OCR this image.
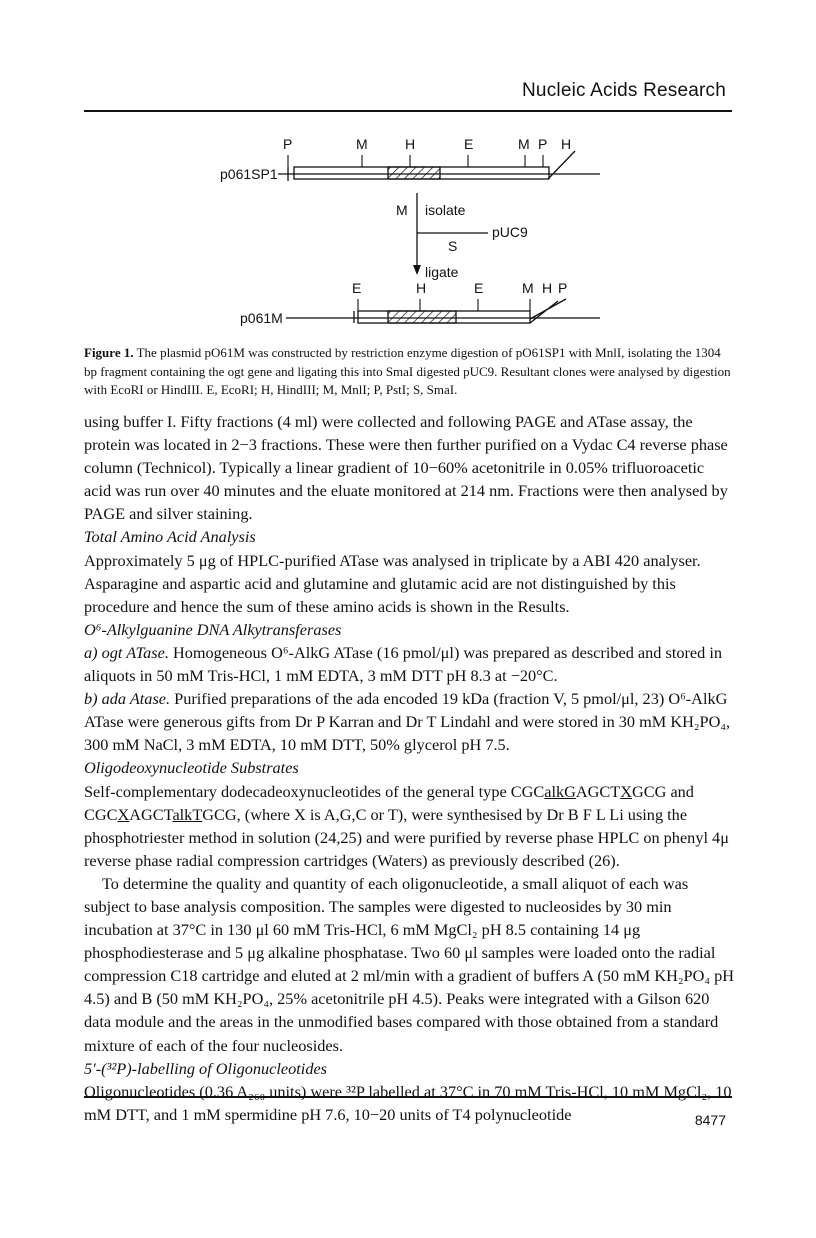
Nucleic Acids Research
p061SP1
P	M	H	E	M P H
M isolate
pUC9
S
ligate
p061M
E	H	E	M H P
Figure 1. The plasmid pO61M was constructed by restriction enzyme digestion of pO61SP1 with MnlI, isolating the 1304 bp fragment containing the ogt gene and ligating this into SmaI digested pUC9. Resultant clones were analysed by digestion with EcoRI or HindIII. E, EcoRI; H, HindIII; M, MnlI; P, PstI; S, SmaI.

using buffer I. Fifty fractions (4 ml) were collected and following PAGE and ATase assay, the protein was located in 2−3 fractions. These were then further purified on a Vydac C4 reverse phase column (Technicol). Typically a linear gradient of 10−60% acetonitrile in 0.05% trifluoroacetic acid was run over 40 minutes and the eluate monitored at 214 nm. Fractions were then analysed by PAGE and silver staining.

Total Amino Acid Analysis

Approximately 5 μg of HPLC-purified ATase was analysed in triplicate by a ABI 420 analyser. Asparagine and aspartic acid and glutamine and glutamic acid are not distinguished by this procedure and hence the sum of these amino acids is shown in the Results.

O⁶-Alkylguanine DNA Alkytransferases

a) ogt ATase. Homogeneous O⁶-AlkG ATase (16 pmol/μl) was prepared as described and stored in aliquots in 50 mM Tris-HCl, 1 mM EDTA, 3 mM DTT pH 8.3 at −20°C.

b) ada Atase. Purified preparations of the ada encoded 19 kDa (fraction V, 5 pmol/μl, 23) O⁶-AlkG ATase were generous gifts from Dr P Karran and Dr T Lindahl and were stored in 30 mM KH₂PO₄, 300 mM NaCl, 3 mM EDTA, 10 mM DTT, 50% glycerol pH 7.5.

Oligodeoxynucleotide Substrates

Self-complementary dodecadeoxynucleotides of the general type CGCalkGAGCTXGCG and CGCXAGCTalkTGCG, (where X is A,G,C or T), were synthesised by Dr B F L Li using the phosphotriester method in solution (24,25) and were purified by reverse phase HPLC on phenyl 4μ reverse phase radial compression cartridges (Waters) as previously described (26).

To determine the quality and quantity of each oligonucleotide, a small aliquot of each was subject to base analysis composition. The samples were digested to nucleosides by 30 min incubation at 37°C in 130 μl 60 mM Tris-HCl, 6 mM MgCl₂ pH 8.5 containing 14 μg phosphodiesterase and 5 μg alkaline phosphatase. Two 60 μl samples were loaded onto the radial compression C18 cartridge and eluted at 2 ml/min with a gradient of buffers A (50 mM KH₂PO₄ pH 4.5) and B (50 mM KH₂PO₄, 25% acetonitrile pH 4.5). Peaks were integrated with a Gilson 620 data module and the areas in the unmodified bases compared with those obtained from a standard mixture of each of the four nucleosides.

5′-(³²P)-labelling of Oligonucleotides

Oligonucleotides (0.36 A₂₆₀ units) were ³²P labelled at 37°C in 70 mM Tris-HCl, 10 mM MgCl₂, 10 mM DTT, and 1 mM spermidine pH 7.6, 10−20 units of T4 polynucleotide	8477
